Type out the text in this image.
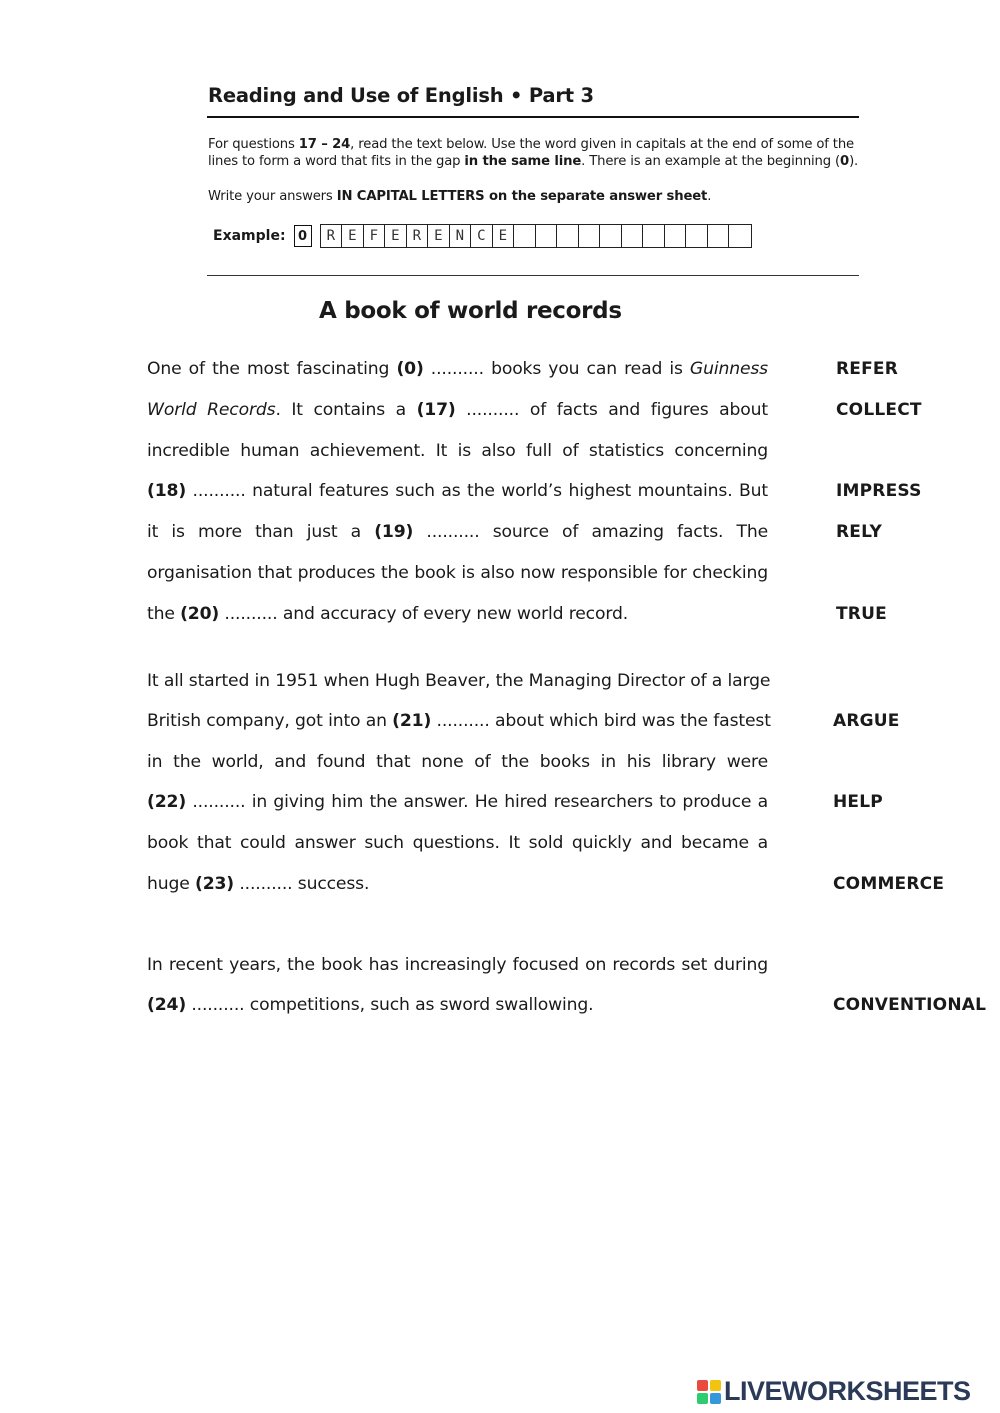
Reading and Use of English • Part 3
For questions 17 – 24, read the text below. Use the word given in capitals at the end of some of the
lines to form a word that fits in the gap in the same line. There is an example at the beginning (0).
Write your answers IN CAPITAL LETTERS on the separate answer sheet.
Example: 0	R E F E R E N C E
A book of world records
One of the most fascinating (0) .......... books you can read is Guinness	REFER
World Records. It contains a (17) .......... of facts and figures about	COLLECT
incredible human achievement. It is also full of statistics concerning
(18) .......... natural features such as the world’s highest mountains. But	IMPRESS
it is more than just a (19) .......... source of amazing facts. The	RELY
organisation that produces the book is also now responsible for checking
the (20) .......... and accuracy of every new world record.	TRUE
It all started in 1951 when Hugh Beaver, the Managing Director of a large
British company, got into an (21) .......... about which bird was the fastest	ARGUE
in the world, and found that none of the books in his library were
(22) .......... in giving him the answer. He hired researchers to produce a	HELP
book that could answer such questions. It sold quickly and became a
huge (23) .......... success.	COMMERCE
In recent years, the book has increasingly focused on records set during
(24) .......... competitions, such as sword swallowing.	CONVENTIONAL
LIVEWORKSHEETS
